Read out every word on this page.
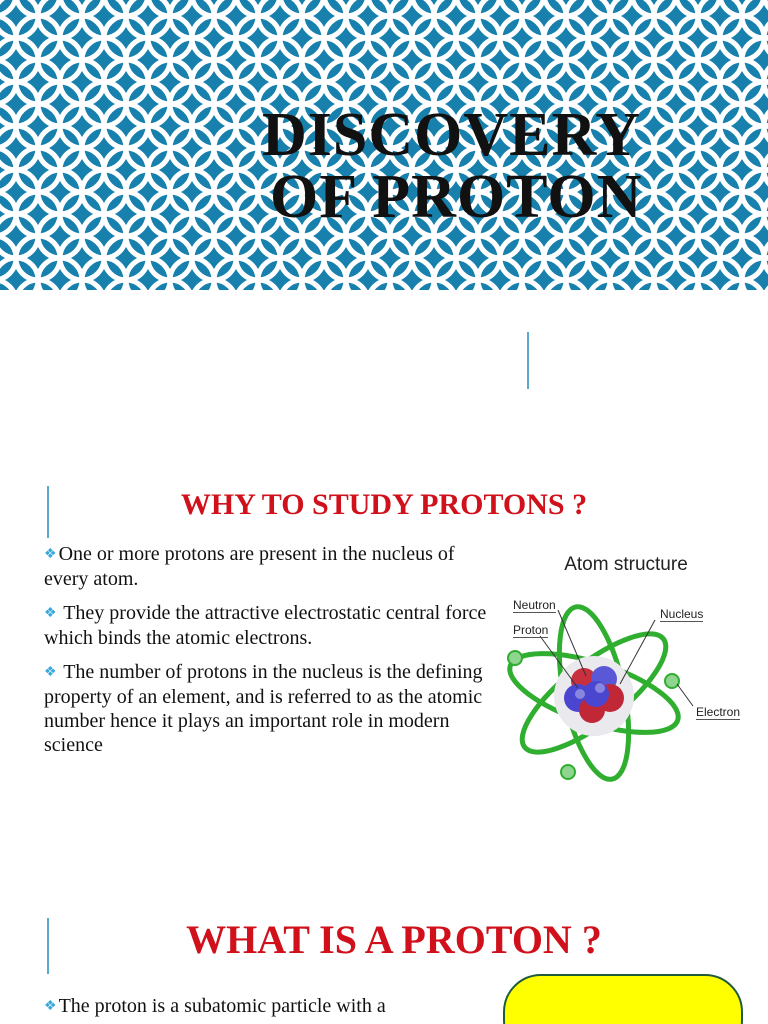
DISCOVERY
OF PROTON
WHY TO STUDY PROTONS ?
❖ One or more protons are present in the nucleus of every atom.
❖ They provide the attractive electrostatic central force which binds the atomic electrons.
❖ The number of protons in the nucleus is the defining property of an element, and is referred to as the atomic number hence it plays an important role in modern science
Atom structure
Neutron
Proton
Nucleus
Electron
WHAT IS A PROTON ?

❖ The proton is a subatomic particle with a
